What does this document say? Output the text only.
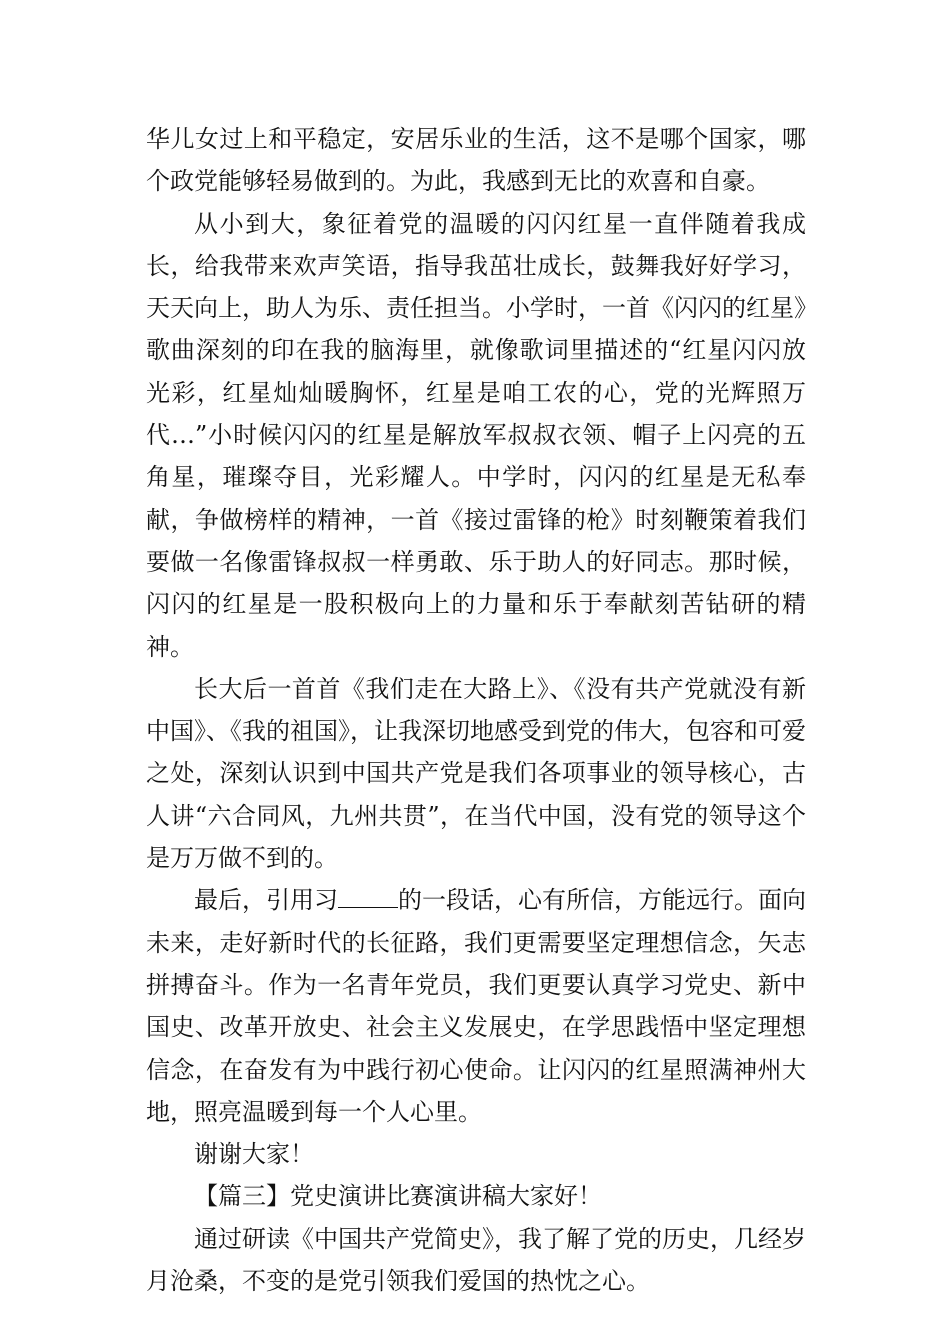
华儿女过上和平稳定，安居乐业的生活，这不是哪个国家，哪个政党能够轻易做到的。为此，我感到无比的欢喜和自豪。

从小到大，象征着党的温暖的闪闪红星一直伴随着我成长，给我带来欢声笑语，指导我茁壮成长，鼓舞我好好学习，天天向上，助人为乐、责任担当。小学时，一首《闪闪的红星》歌曲深刻的印在我的脑海里，就像歌词里描述的“红星闪闪放光彩，红星灿灿暖胸怀，红星是咱工农的心，党的光辉照万代…”小时候闪闪的红星是解放军叔叔衣领、帽子上闪亮的五角星，璀璨夺目，光彩耀人。中学时，闪闪的红星是无私奉献，争做榜样的精神，一首《接过雷锋的枪》时刻鞭策着我们要做一名像雷锋叔叔一样勇敢、乐于助人的好同志。那时候，闪闪的红星是一股积极向上的力量和乐于奉献刻苦钻研的精神。

长大后一首首《我们走在大路上》、《没有共产党就没有新中国》、《我的祖国》，让我深切地感受到党的伟大，包容和可爱之处，深刻认识到中国共产党是我们各项事业的领导核心，古人讲“六合同风，九州共贯”，在当代中国，没有党的领导这个是万万做不到的。

最后，引用习	的一段话，心有所信，方能远行。面向未来，走好新时代的长征路，我们更需要坚定理想信念，矢志拼搏奋斗。作为一名青年党员，我们更要认真学习党史、新中国史、改革开放史、社会主义发展史，在学思践悟中坚定理想信念，在奋发有为中践行初心使命。让闪闪的红星照满神州大地，照亮温暖到每一个人心里。

谢谢大家！

【篇三】党史演讲比赛演讲稿大家好！

通过研读《中国共产党简史》，我了解了党的历史，几经岁月沧桑，不变的是党引领我们爱国的热忱之心。
